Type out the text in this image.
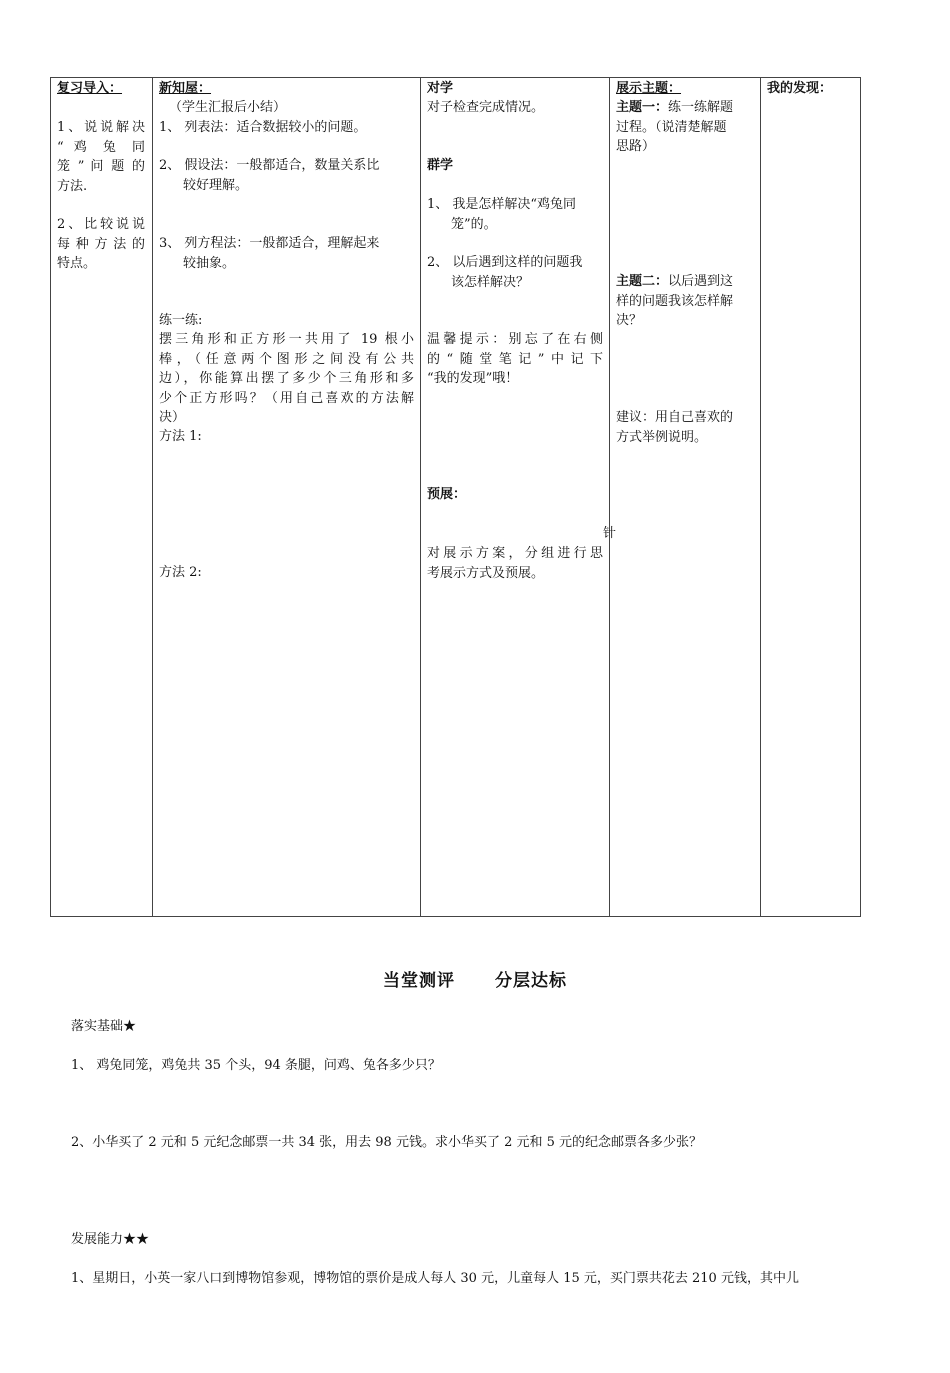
复习导入：
1、说说解决
“ 鸡 兔 同
笼 ” 问 题 的
方法.
2、比较说说
每 种 方 法 的
特点。
新知屋：
（学生汇报后小结）
1、 列表法：适合数据较小的问题。
2、 假设法：一般都适合，数量关系比
较好理解。
3、 列方程法：一般都适合，理解起来
较抽象。
练一练:
摆三角形和正方形一共用了 19 根小
棒，（任意两个图形之间没有公共
边），你能算出摆了多少个三角形和多
少个正方形吗？（用自己喜欢的方法解
决）
方法 1:
方法 2:
对学
对子检查完成情况。
群学
1、 我是怎样解决“鸡兔同
笼”的。
2、 以后遇到这样的问题我
该怎样解决？
温馨提示：别忘了在右侧
的“随堂笔记”中记下
“我的发现”哦！
预展：
对展示方案，分组进行思
考展示方式及预展。
展示主题：
主题一：练一练解题
过程。（说清楚解题
思路）
主题二：以后遇到这
样的问题我该怎样解
决？
建议：用自己喜欢的
方式举例说明。
我的发现：
针
当堂测评 分层达标
落实基础★
1、 鸡兔同笼，鸡兔共 35 个头，94 条腿，问鸡、兔各多少只？
2、小华买了 2 元和 5 元纪念邮票一共 34 张，用去 98 元钱。求小华买了 2 元和 5 元的纪念邮票各多少张？
发展能力★★
1、星期日，小英一家八口到博物馆参观，博物馆的票价是成人每人 30 元，儿童每人 15 元，买门票共花去 210 元钱，其中儿
